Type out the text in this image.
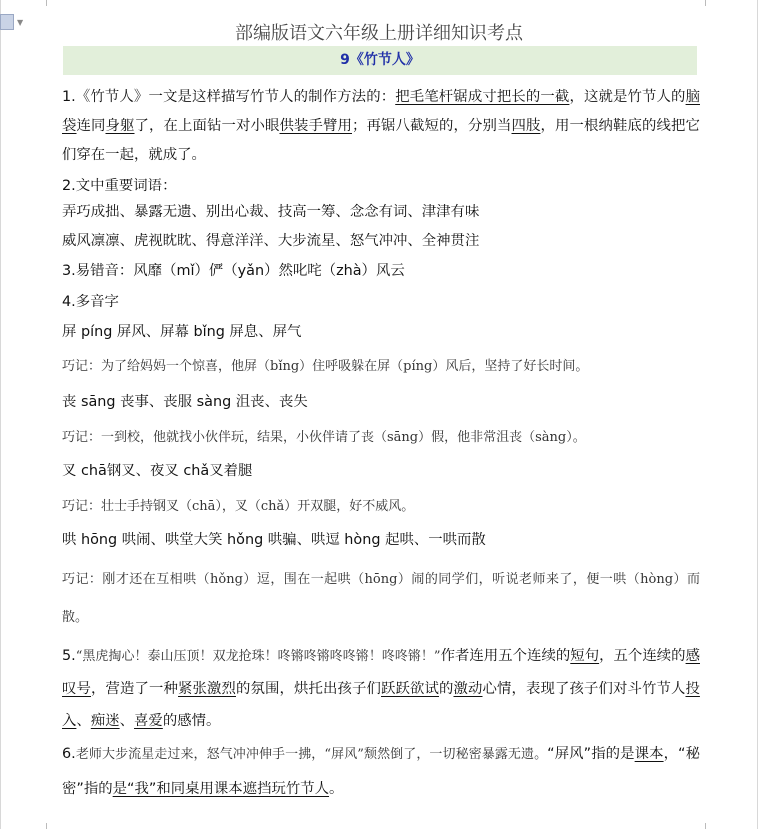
▼
部编版语文六年级上册详细知识考点
9《竹节人》
1.《竹节人》一文是这样描写竹节人的制作方法的：把毛笔杆锯成寸把长的一截，这就是竹节人的脑袋连同身躯了，在上面钻一对小眼供装手臂用；再锯八截短的，分别当四肢，用一根纳鞋底的线把它们穿在一起，就成了。
2.文中重要词语：
弄巧成拙、暴露无遗、别出心裁、技高一筹、念念有词、津津有味
威风凛凛、虎视眈眈、得意洋洋、大步流星、怒气冲冲、全神贯注
3.易错音：风靡（mǐ）俨（yǎn）然叱咤（zhà）风云
4.多音字
屏 píng 屏风、屏幕 bǐng 屏息、屏气
巧记：为了给妈妈一个惊喜，他屏（bǐng）住呼吸躲在屏（píng）风后，坚持了好长时间。
丧 sāng 丧事、丧服 sàng 沮丧、丧失
巧记：一到校，他就找小伙伴玩，结果，小伙伴请了丧（sāng）假，他非常沮丧（sàng）。
叉 chā钢叉、夜叉 chǎ叉着腿
巧记：壮士手持钢叉（chā），叉（chǎ）开双腿，好不威风。
哄 hōng 哄闹、哄堂大笑 hǒng 哄骗、哄逗 hòng 起哄、一哄而散
巧记：刚才还在互相哄（hǒng）逗，围在一起哄（hōng）闹的同学们，听说老师来了，便一哄（hòng）而散。
5.“黑虎掏心！泰山压顶！双龙抢珠！咚锵咚锵咚咚锵！咚咚锵！”作者连用五个连续的短句，五个连续的感叹号，营造了一种紧张激烈的氛围，烘托出孩子们跃跃欲试的激动心情，表现了孩子们对斗竹节人投入、痴迷、喜爱的感情。
6.老师大步流星走过来，怒气冲冲伸手一拂，“屏风”颓然倒了，一切秘密暴露无遗。“屏风”指的是课本，“秘密”指的是“我”和同桌用课本遮挡玩竹节人。
